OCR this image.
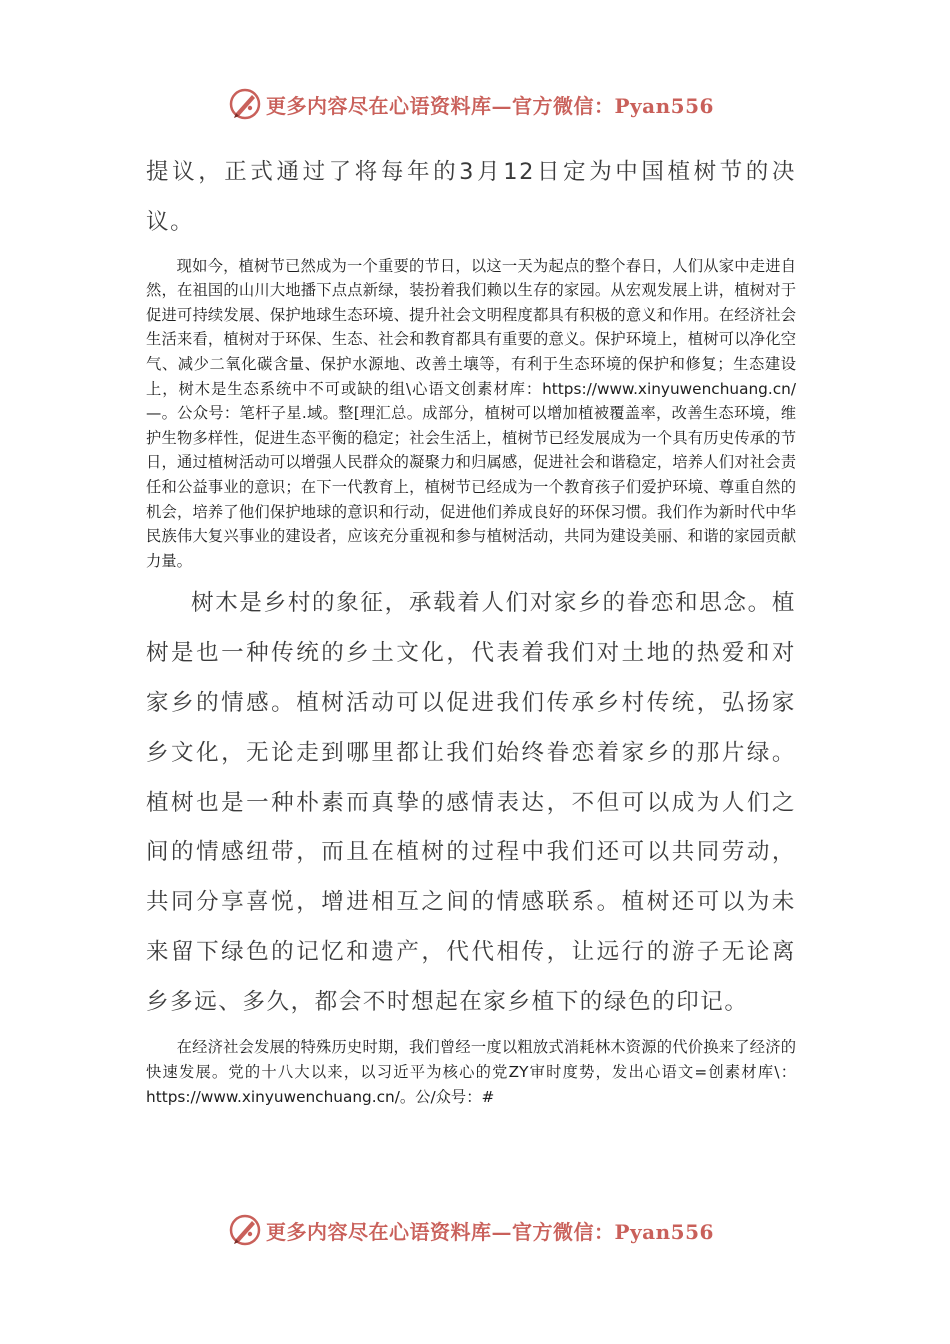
更多内容尽在心语资料库—官方微信：Pyan556

提议，正式通过了将每年的3月12日定为中国植树节的决议。

现如今，植树节已然成为一个重要的节日，以这一天为起点的整个春日，人们从家中走进自然，在祖国的山川大地播下点点新绿，装扮着我们赖以生存的家园。从宏观发展上讲，植树对于促进可持续发展、保护地球生态环境、提升社会文明程度都具有积极的意义和作用。在经济社会生活来看，植树对于环保、生态、社会和教育都具有重要的意义。保护环境上，植树可以净化空气、减少二氧化碳含量、保护水源地、改善土壤等，有利于生态环境的保护和修复；生态建设上，树木是生态系统中不可或缺的组\心语文创素材库：https://www.xinyuwenchuang.cn/—。公众号：笔杆子星.域。整[理汇总。成部分，植树可以增加植被覆盖率，改善生态环境，维护生物多样性，促进生态平衡的稳定；社会生活上，植树节已经发展成为一个具有历史传承的节日，通过植树活动可以增强人民群众的凝聚力和归属感，促进社会和谐稳定，培养人们对社会责任和公益事业的意识；在下一代教育上，植树节已经成为一个教育孩子们爱护环境、尊重自然的机会，培养了他们保护地球的意识和行动，促进他们养成良好的环保习惯。我们作为新时代中华民族伟大复兴事业的建设者，应该充分重视和参与植树活动，共同为建设美丽、和谐的家园贡献力量。

树木是乡村的象征，承载着人们对家乡的眷恋和思念。植树是也一种传统的乡土文化，代表着我们对土地的热爱和对家乡的情感。植树活动可以促进我们传承乡村传统，弘扬家乡文化，无论走到哪里都让我们始终眷恋着家乡的那片绿。植树也是一种朴素而真挚的感情表达，不但可以成为人们之间的情感纽带，而且在植树的过程中我们还可以共同劳动，共同分享喜悦，增进相互之间的情感联系。植树还可以为未来留下绿色的记忆和遗产，代代相传，让远行的游子无论离乡多远、多久，都会不时想起在家乡植下的绿色的印记。

在经济社会发展的特殊历史时期，我们曾经一度以粗放式消耗林木资源的代价换来了经济的快速发展。党的十八大以来，以习近平为核心的党ZY审时度势，发出心语文=创素材库\：https://www.xinyuwenchuang.cn/。公/众号：#

更多内容尽在心语资料库—官方微信：Pyan556
